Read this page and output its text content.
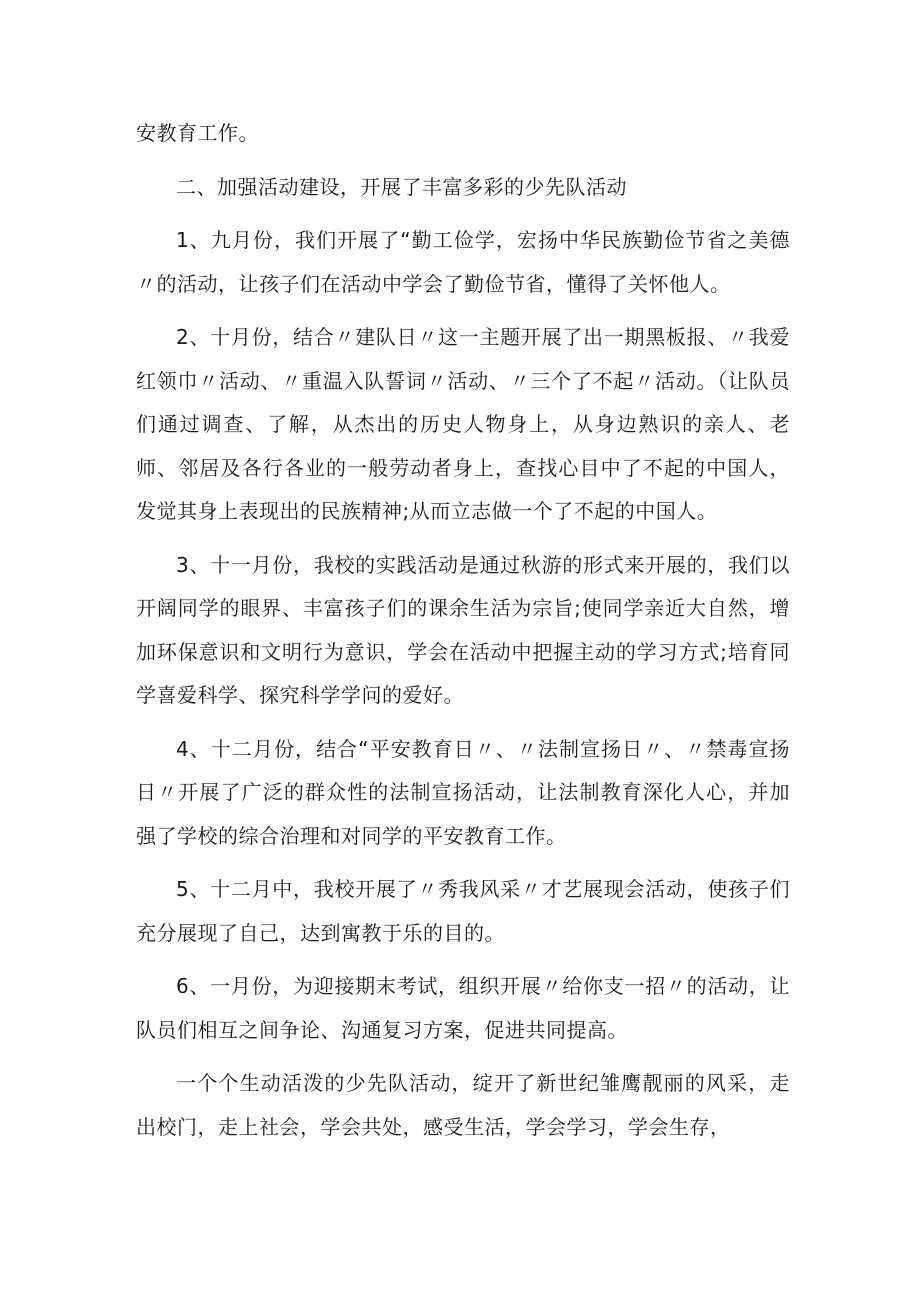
安教育工作。

二、加强活动建设，开展了丰富多彩的少先队活动

1、九月份，我们开展了“勤工俭学，宏扬中华民族勤俭节省之美德〃的活动，让孩子们在活动中学会了勤俭节省，懂得了关怀他人。

2、十月份，结合〃建队日〃这一主题开展了出一期黑板报、〃我爱红领巾〃活动、〃重温入队誓词〃活动、〃三个了不起〃活动。（让队员们通过调查、了解，从杰出的历史人物身上，从身边熟识的亲人、老师、邻居及各行各业的一般劳动者身上，查找心目中了不起的中国人，发觉其身上表现出的民族精神;从而立志做一个了不起的中国人。

3、十一月份，我校的实践活动是通过秋游的形式来开展的，我们以开阔同学的眼界、丰富孩子们的课余生活为宗旨;使同学亲近大自然，增加环保意识和文明行为意识，学会在活动中把握主动的学习方式;培育同学喜爱科学、探究科学学问的爱好。

4、十二月份，结合“平安教育日〃、〃法制宣扬日〃、〃禁毒宣扬日〃开展了广泛的群众性的法制宣扬活动，让法制教育深化人心，并加强了学校的综合治理和对同学的平安教育工作。

5、十二月中，我校开展了〃秀我风采〃才艺展现会活动，使孩子们充分展现了自己，达到寓教于乐的目的。

6、一月份，为迎接期末考试，组织开展〃给你支一招〃的活动，让队员们相互之间争论、沟通复习方案，促进共同提高。

一个个生动活泼的少先队活动，绽开了新世纪雏鹰靓丽的风采，走出校门，走上社会，学会共处，感受生活，学会学习，学会生存，
